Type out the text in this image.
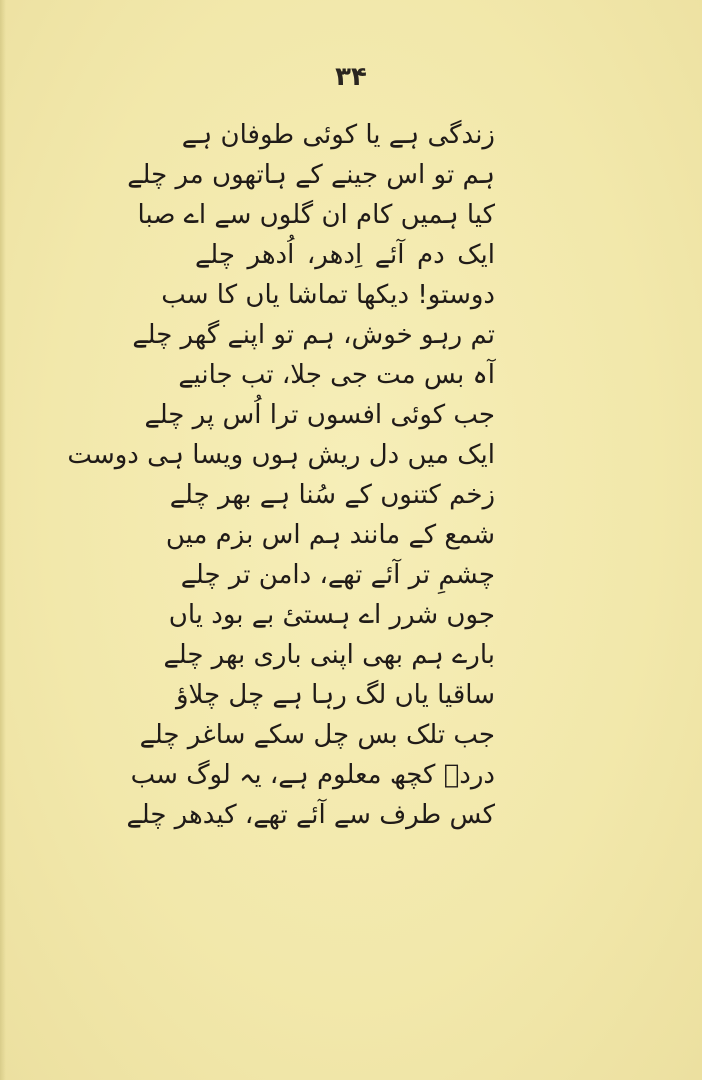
۳۴
زندگی ہے یا کوئی طوفان ہے
ہم تو اس جینے کے ہاتھوں مر چلے
کیا ہمیں کام ان گلوں سے اے صبا
ایک دم آئے اِدھر، اُدھر چلے
دوستو! دیکھا تماشا یاں کا سب
تم رہو خوش، ہم تو اپنے گھر چلے
آہ بس مت جی جلا، تب جانیے
جب کوئی افسوں ترا اُس پر چلے
ایک میں دل ریش ہوں ویسا ہی دوست
زخم کتنوں کے سُنا ہے بھر چلے
شمع کے مانند ہم اس بزم میں
چشمِ تر آئے تھے، دامن تر چلے
جوں شرر اے ہستیٔ بے بود یاں
بارے ہم بھی اپنی باری بھر چلے
ساقیا یاں لگ رہا ہے چل چلاؤ
جب تلک بس چل سکے ساغر چلے
دردؔ کچھ معلوم ہے، یہ لوگ سب
کس طرف سے آئے تھے، کیدھر چلے
